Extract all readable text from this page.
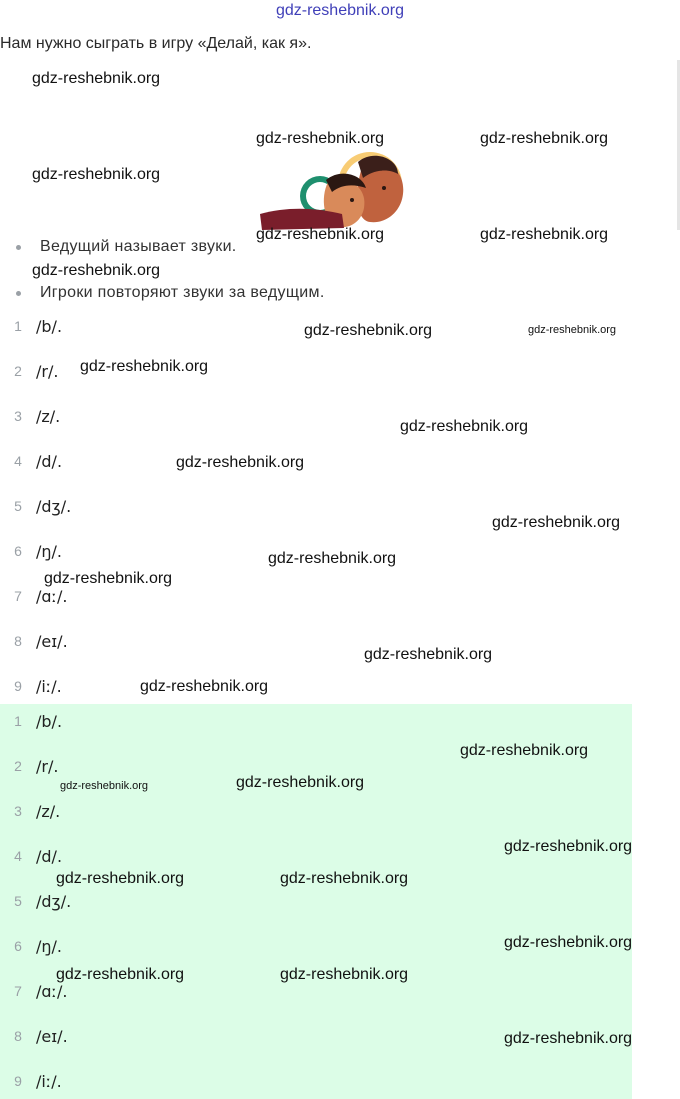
gdz-reshebnik.org
Нам нужно сыграть в игру «Делай, как я».
Ведущий называет звуки.
Игроки повторяют звуки за ведущим.
1 /b/.
2 /r/.
3 /z/.
4 /d/.
5 /dʒ/.
6 /ŋ/.
7 /ɑː/.
8 /eɪ/.
9 /iː/.
1 /b/.
2 /r/.
3 /z/.
4 /d/.
5 /dʒ/.
6 /ŋ/.
7 /ɑː/.
8 /eɪ/.
9 /iː/.
gdz-reshebnik.org
gdz-reshebnik.org	gdz-reshebnik.org
gdz-reshebnik.org
gdz-reshebnik.org	gdz-reshebnik.org
gdz-reshebnik.org
gdz-reshebnik.org	gdz-reshebnik.org
gdz-reshebnik.org
gdz-reshebnik.org
gdz-reshebnik.org
gdz-reshebnik.org
gdz-reshebnik.org
gdz-reshebnik.org
gdz-reshebnik.org
gdz-reshebnik.org
gdz-reshebnik.org
gdz-reshebnik.org	gdz-reshebnik.org
gdz-reshebnik.org
gdz-reshebnik.org	gdz-reshebnik.org
gdz-reshebnik.org
gdz-reshebnik.org	gdz-reshebnik.org
gdz-reshebnik.org
